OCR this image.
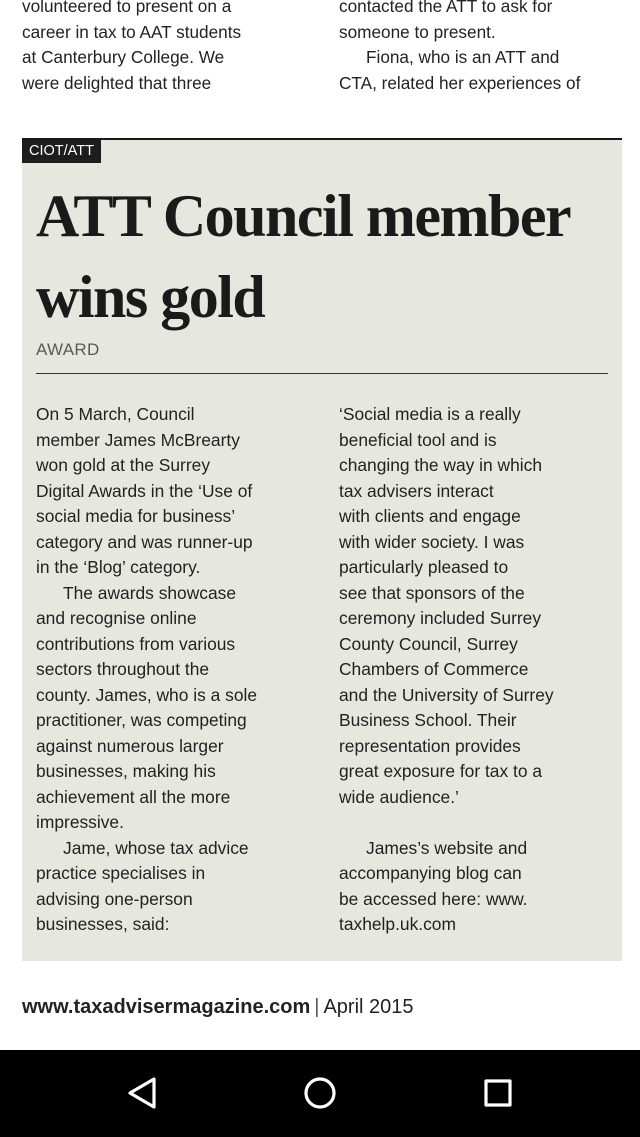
volunteered to present on a

career in tax to AAT students

at Canterbury College. We

were delighted that three

contacted the ATT to ask for

someone to present.

Fiona, who is an ATT and

CTA, related her experiences of

CIOT/ATT

ATT Council member

wins gold

AWARD

On 5 March, Council

member James McBrearty

won gold at the Surrey

Digital Awards in the ‘Use of

social media for business’

category and was runner-up

in the ‘Blog’ category.

The awards showcase

and recognise online

contributions from various

sectors throughout the

county. James, who is a sole

practitioner, was competing

against numerous larger

businesses, making his

achievement all the more

impressive.

Jame, whose tax advice

practice specialises in

advising one-person

businesses, said:

‘Social media is a really

beneficial tool and is

changing the way in which

tax advisers interact

with clients and engage

with wider society. I was

particularly pleased to

see that sponsors of the

ceremony included Surrey

County Council, Surrey

Chambers of Commerce

and the University of Surrey

Business School. Their

representation provides

great exposure for tax to a

wide audience.’

James’s website and

accompanying blog can

be accessed here: www.

taxhelp.uk.com

www.taxadvisermagazine.com | April 2015
